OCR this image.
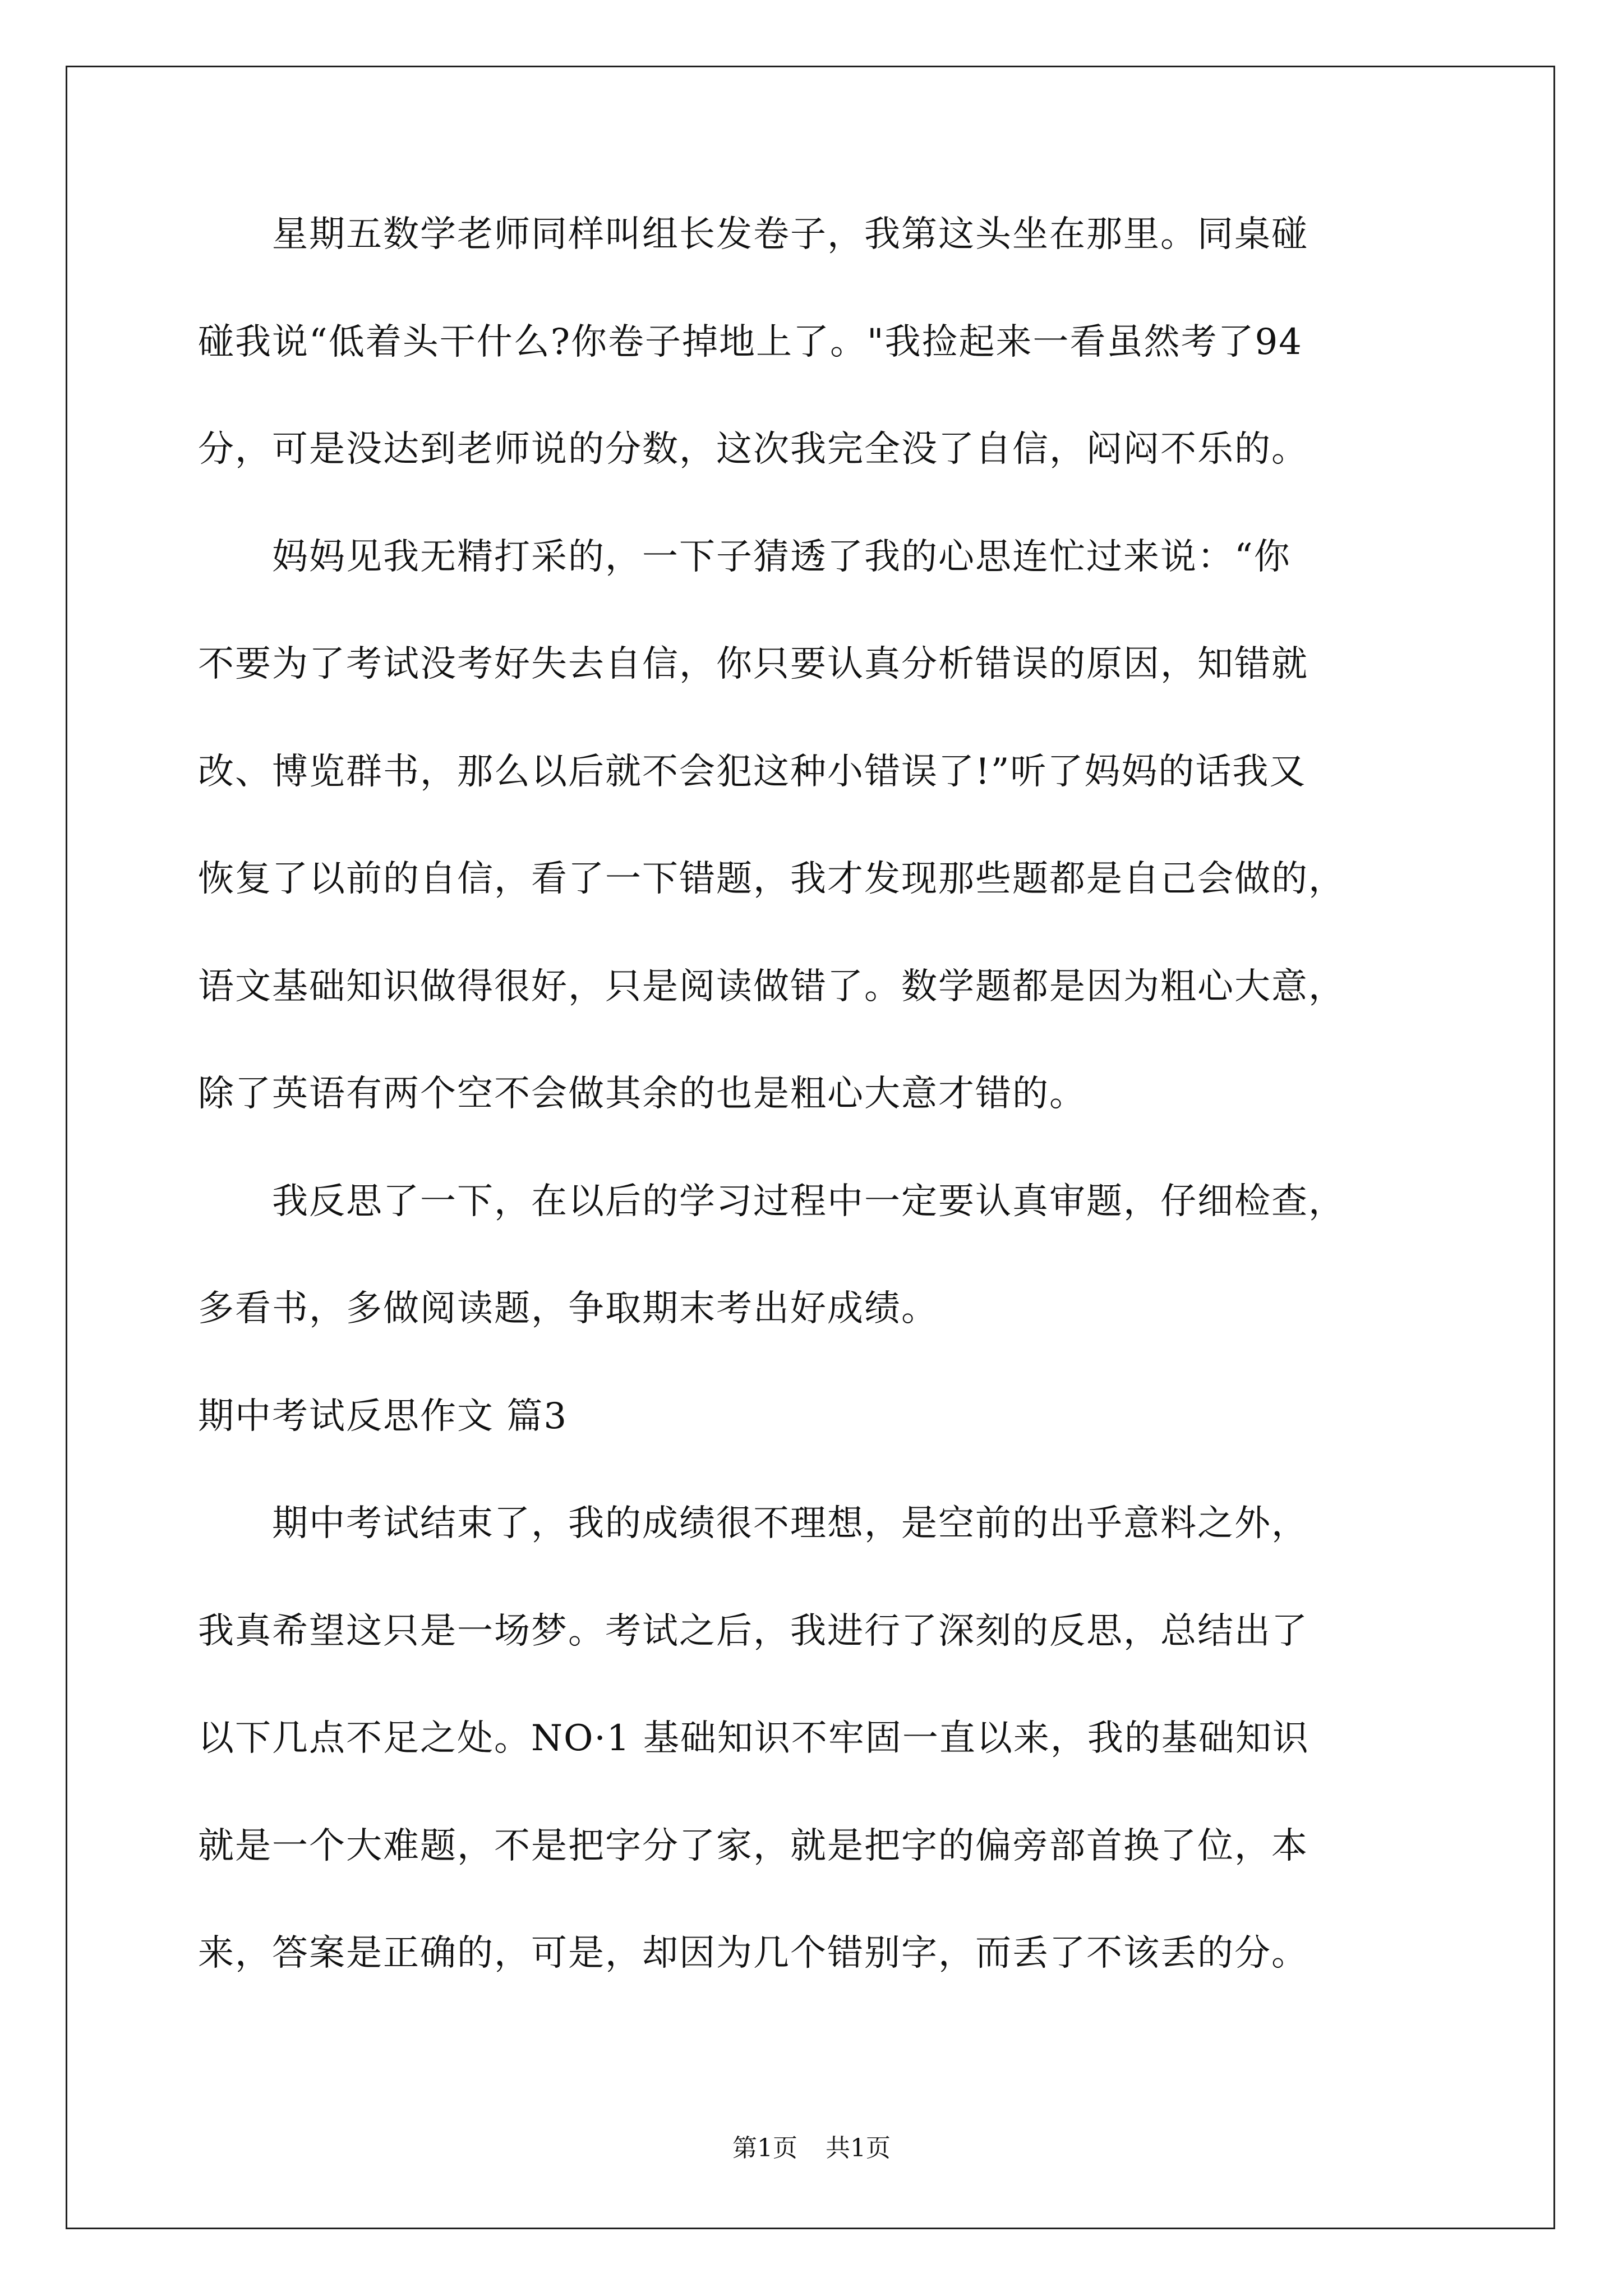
　　星期五数学老师同样叫组长发卷子，我第这头坐在那里。同桌碰
碰我说“低着头干什么?你卷子掉地上了。"我捡起来一看虽然考了94
分，可是没达到老师说的分数，这次我完全没了自信，闷闷不乐的。
　　妈妈见我无精打采的，一下子猜透了我的心思连忙过来说：“你
不要为了考试没考好失去自信，你只要认真分析错误的原因，知错就
改、博览群书，那么以后就不会犯这种小错误了!”听了妈妈的话我又
恢复了以前的自信，看了一下错题，我才发现那些题都是自己会做的，
语文基础知识做得很好，只是阅读做错了。数学题都是因为粗心大意，
除了英语有两个空不会做其余的也是粗心大意才错的。
　　我反思了一下，在以后的学习过程中一定要认真审题，仔细检查，
多看书，多做阅读题，争取期末考出好成绩。
期中考试反思作文 篇3
　　期中考试结束了，我的成绩很不理想，是空前的出乎意料之外，
我真希望这只是一场梦。考试之后，我进行了深刻的反思，总结出了
以下几点不足之处。NO·1 基础知识不牢固一直以来，我的基础知识
就是一个大难题，不是把字分了家，就是把字的偏旁部首换了位，本
来，答案是正确的，可是，却因为几个错别字，而丢了不该丢的分。
第1页 共1页
